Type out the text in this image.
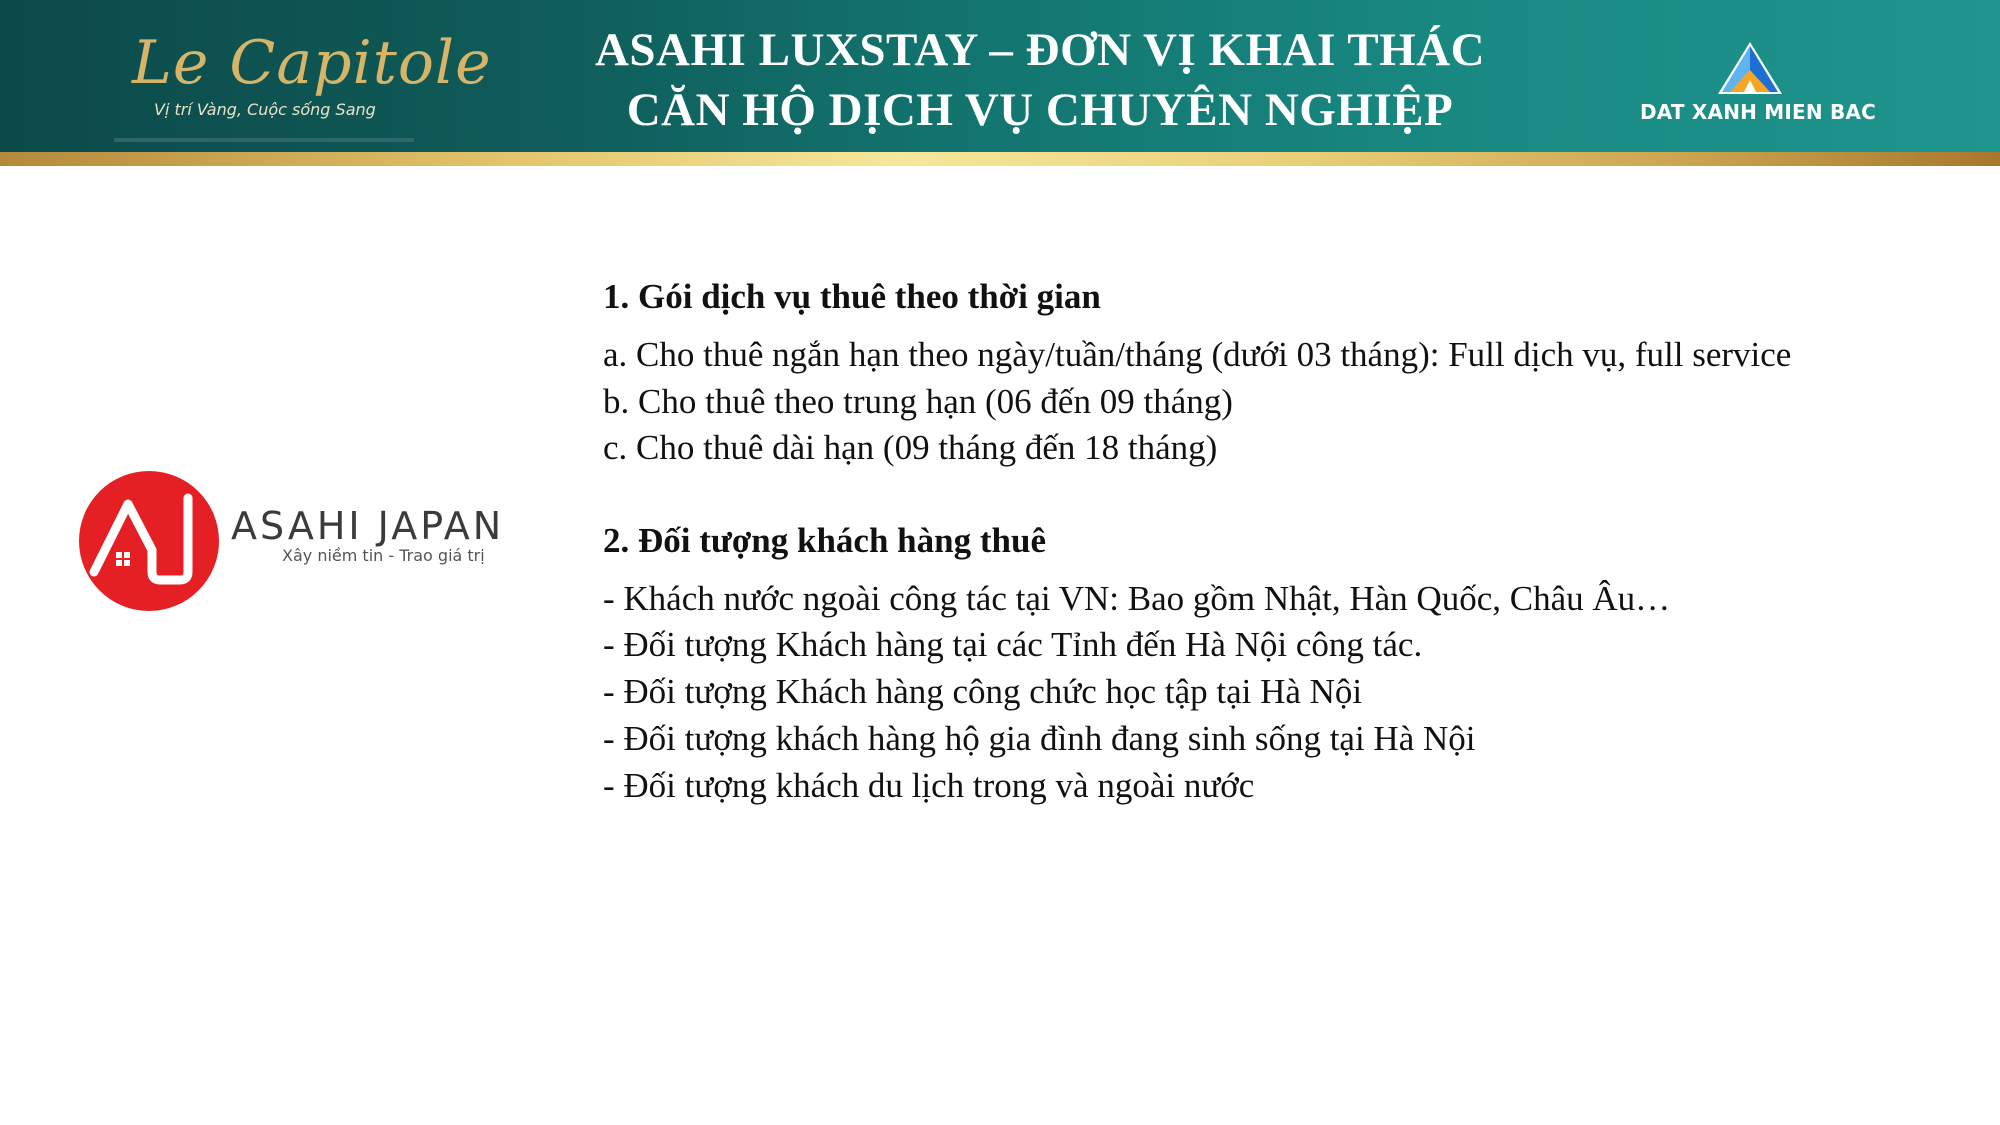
Le Capitole
Vị trí Vàng, Cuộc sống Sang
ASAHI LUXSTAY – ĐƠN VỊ KHAI THÁC
CĂN HỘ DỊCH VỤ CHUYÊN NGHIỆP	DAT XANH MIEN BAC
ASAHI JAPAN
Xây niềm tin - Trao giá trị
1. Gói dịch vụ thuê theo thời gian
a. Cho thuê ngắn hạn theo ngày/tuần/tháng (dưới 03 tháng): Full dịch vụ, full service
b. Cho thuê theo trung hạn (06 đến 09 tháng)
c. Cho thuê dài hạn (09 tháng đến 18 tháng)
2. Đối tượng khách hàng thuê
- Khách nước ngoài công tác tại VN: Bao gồm Nhật, Hàn Quốc, Châu Âu…
- Đối tượng Khách hàng tại các Tỉnh đến Hà Nội công tác.
- Đối tượng Khách hàng công chức học tập tại Hà Nội
- Đối tượng khách hàng hộ gia đình đang sinh sống tại Hà Nội
- Đối tượng khách du lịch trong và ngoài nước
